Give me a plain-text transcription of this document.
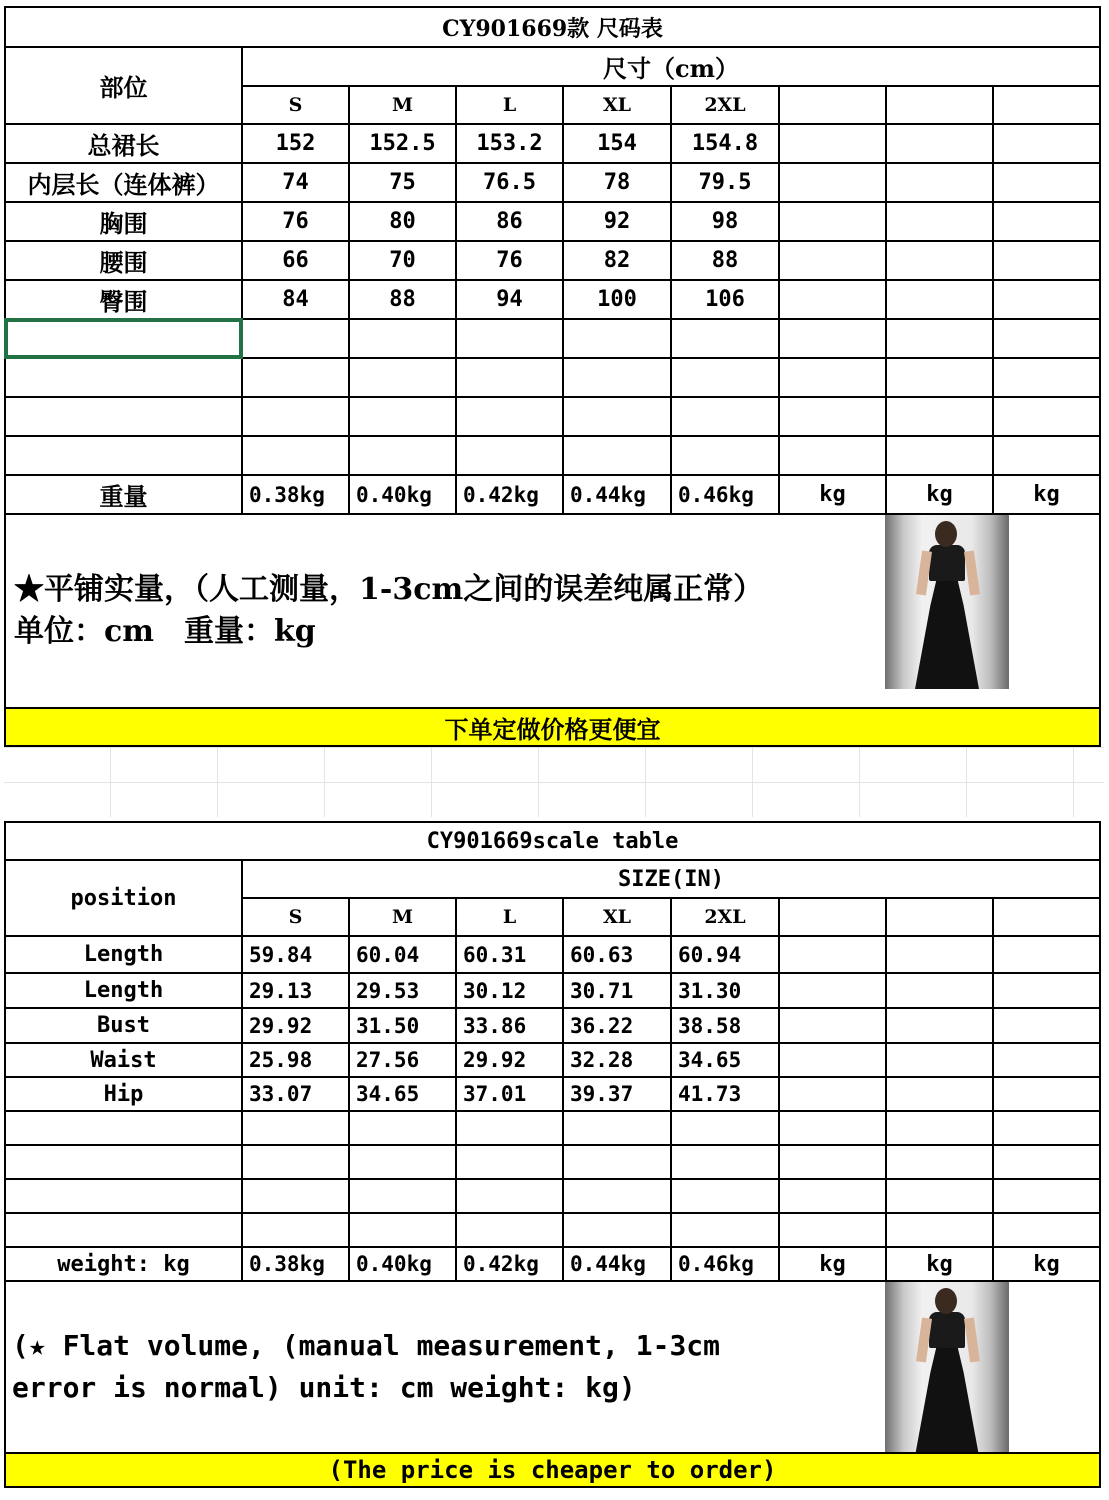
CY901669款 尺码表								
部位	尺寸（cm）							
	S	M	L	XL	2XL			
总裙长	152	152.5	153.2	154	154.8			
内层长（连体裤）	74	75	76.5	78	79.5			
胸围	76	80	86	92	98			
腰围	66	70	76	82	88			
臀围	84	88	94	100	106			

重量	0.38kg	0.40kg	0.42kg	0.44kg	0.46kg	kg	kg	kg

★平铺实量，（人工测量，1-3cm之间的误差纯属正常）
单位：cm　重量：kg								

下单定做价格更便宜								
CY901669scale table								
position	SIZE(IN)							
	S	M	L	XL	2XL			
Length	59.84	60.04	60.31	60.63	60.94			
Length	29.13	29.53	30.12	30.71	31.30			
Bust	29.92	31.50	33.86	36.22	38.58			
Waist	25.98	27.56	29.92	32.28	34.65			
Hip	33.07	34.65	37.01	39.37	41.73			

weight: kg	0.38kg	0.40kg	0.42kg	0.44kg	0.46kg	kg	kg	kg

(★ Flat volume, (manual measurement, 1-3cm
error is normal) unit: cm weight: kg)								

(The price is cheaper to order)								
